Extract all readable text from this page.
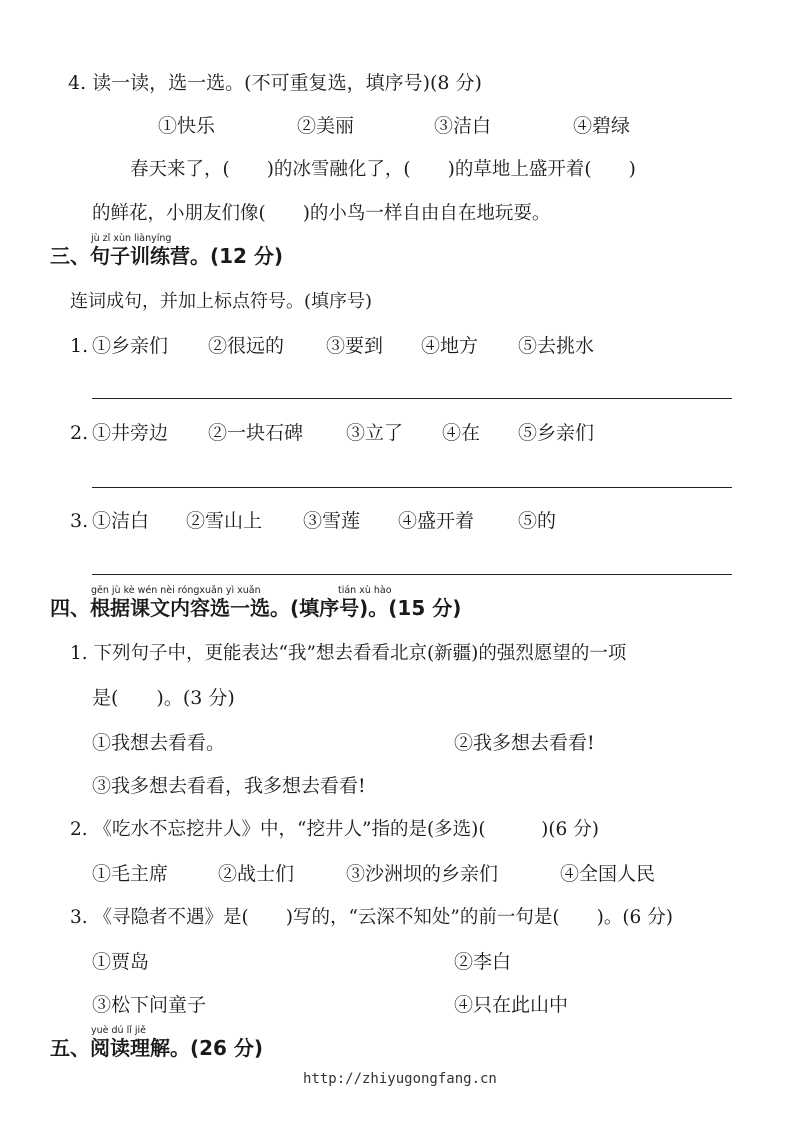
4. 读一读，选一选。(不可重复选，填序号)(8 分)
①快乐	②美丽	③洁白	④碧绿
春天来了，(　　)的冰雪融化了，(　　)的草地上盛开着(　　)
的鲜花，小朋友们像(　　)的小鸟一样自由自在地玩耍。
jù zǐ xùn liànyíng
三、句子训练营。(12 分)
连词成句，并加上标点符号。(填序号)
1. ①乡亲们 ②很远的 ③要到 ④地方 ⑤去挑水
2. ①井旁边 ②一块石碑 ③立了 ④在 ⑤乡亲们
3. ①洁白 ②雪山上 ③雪莲 ④盛开着 ⑤的
gēn jù kè wén nèi róngxuǎn yì xuǎn	tián xù hào
四、根据课文内容选一选。(填序号)。(15 分)
1. 下列句子中，更能表达“我”想去看看北京(新疆)的强烈愿望的一项
是(　　)。(3 分)
①我想去看看。	②我多想去看看!
③我多想去看看，我多想去看看!
2. 《吃水不忘挖井人》中，“挖井人”指的是(多选)(　　　)(6 分)
①毛主席	②战士们	③沙洲坝的乡亲们	④全国人民
3. 《寻隐者不遇》是(　　)写的，“云深不知处”的前一句是(　　)。(6 分)
①贾岛	②李白
③松下问童子	④只在此山中
yuè dú lǐ jiě
五、阅读理解。(26 分)
http://zhiyugongfang.cn
